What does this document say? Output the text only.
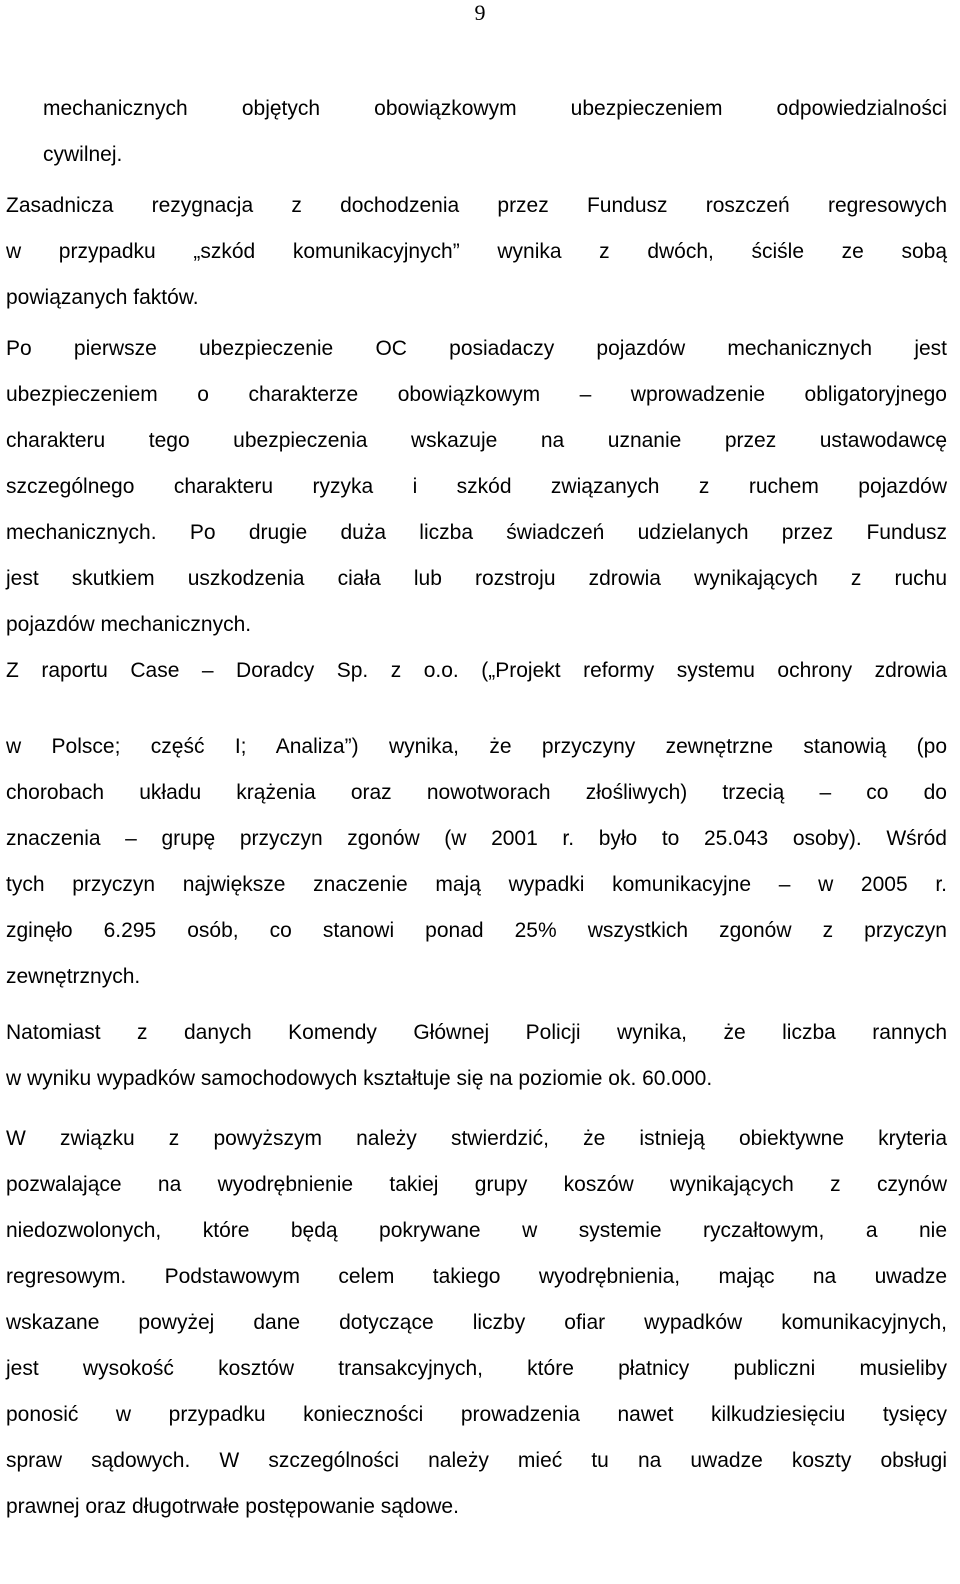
9

mechanicznych objętych obowiązkowym ubezpieczeniem odpowiedzialności
cywilnej.

Zasadnicza rezygnacja z dochodzenia przez Fundusz roszczeń regresowych
w przypadku „szkód komunikacyjnych” wynika z dwóch, ściśle ze sobą
powiązanych faktów.

Po pierwsze ubezpieczenie OC posiadaczy pojazdów mechanicznych jest
ubezpieczeniem o charakterze obowiązkowym – wprowadzenie obligatoryjnego
charakteru tego ubezpieczenia wskazuje na uznanie przez ustawodawcę
szczególnego charakteru ryzyka i szkód związanych z ruchem pojazdów
mechanicznych. Po drugie duża liczba świadczeń udzielanych przez Fundusz
jest skutkiem uszkodzenia ciała lub rozstroju zdrowia wynikających z ruchu
pojazdów mechanicznych.

Z raportu Case – Doradcy Sp. z o.o. („Projekt reformy systemu ochrony zdrowia

w Polsce; część I; Analiza”) wynika, że przyczyny zewnętrzne stanowią (po
chorobach układu krążenia oraz nowotworach złośliwych) trzecią – co do
znaczenia – grupę przyczyn zgonów (w 2001 r. było to 25.043 osoby). Wśród
tych przyczyn największe znaczenie mają wypadki komunikacyjne – w 2005 r.
zginęło 6.295 osób, co stanowi ponad 25% wszystkich zgonów z przyczyn
zewnętrznych.

Natomiast z danych Komendy Głównej Policji wynika, że liczba rannych
w wyniku wypadków samochodowych kształtuje się na poziomie ok. 60.000.

W związku z powyższym należy stwierdzić, że istnieją obiektywne kryteria
pozwalające na wyodrębnienie takiej grupy koszów wynikających z czynów
niedozwolonych, które będą pokrywane w systemie ryczałtowym, a nie
regresowym. Podstawowym celem takiego wyodrębnienia, mając na uwadze
wskazane powyżej dane dotyczące liczby ofiar wypadków komunikacyjnych,
jest wysokość kosztów transakcyjnych, które płatnicy publiczni musieliby
ponosić w przypadku konieczności prowadzenia nawet kilkudziesięciu tysięcy
spraw sądowych. W szczególności należy mieć tu na uwadze koszty obsługi
prawnej oraz długotrwałe postępowanie sądowe.
